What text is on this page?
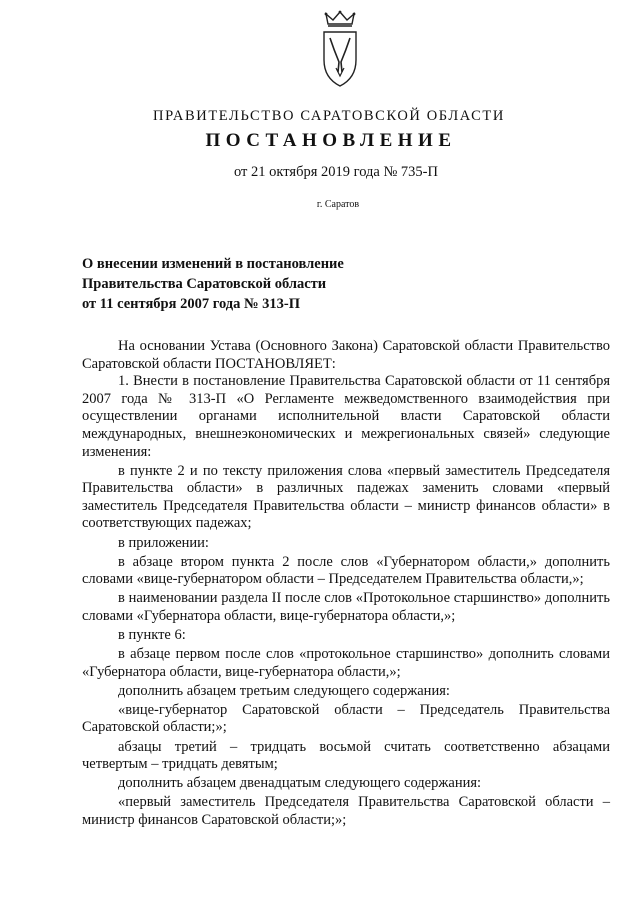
ПРАВИТЕЛЬСТВО САРАТОВСКОЙ ОБЛАСТИ
ПОСТАНОВЛЕНИЕ
от 21 октября 2019 года № 735-П
г. Саратов
О внесении изменений в постановление
Правительства Саратовской области
от 11 сентября 2007 года № 313-П

На основании Устава (Основного Закона) Саратовской области Правительство Саратовской области ПОСТАНОВЛЯЕТ:

1. Внести в постановление Правительства Саратовской области от 11 сентября 2007 года № 313-П «О Регламенте межведомственного взаимодействия при осуществлении органами исполнительной власти Саратовской области международных, внешнеэкономических и межрегиональных связей» следующие изменения:

в пункте 2 и по тексту приложения слова «первый заместитель Председателя Правительства области» в различных падежах заменить словами «первый заместитель Председателя Правительства области – министр финансов области» в соответствующих падежах;

в приложении:

в абзаце втором пункта 2 после слов «Губернатором области,» дополнить словами «вице-губернатором области – Председателем Правительства области,»;

в наименовании раздела II после слов «Протокольное старшинство» дополнить словами «Губернатора области, вице-губернатора области,»;

в пункте 6:

в абзаце первом после слов «протокольное старшинство» дополнить словами «Губернатора области, вице-губернатора области,»;

дополнить абзацем третьим следующего содержания:

«вице-губернатор Саратовской области – Председатель Правительства Саратовской области;»;

абзацы третий – тридцать восьмой считать соответственно абзацами четвертым – тридцать девятым;

дополнить абзацем двенадцатым следующего содержания:

«первый заместитель Председателя Правительства Саратовской области – министр финансов Саратовской области;»;
